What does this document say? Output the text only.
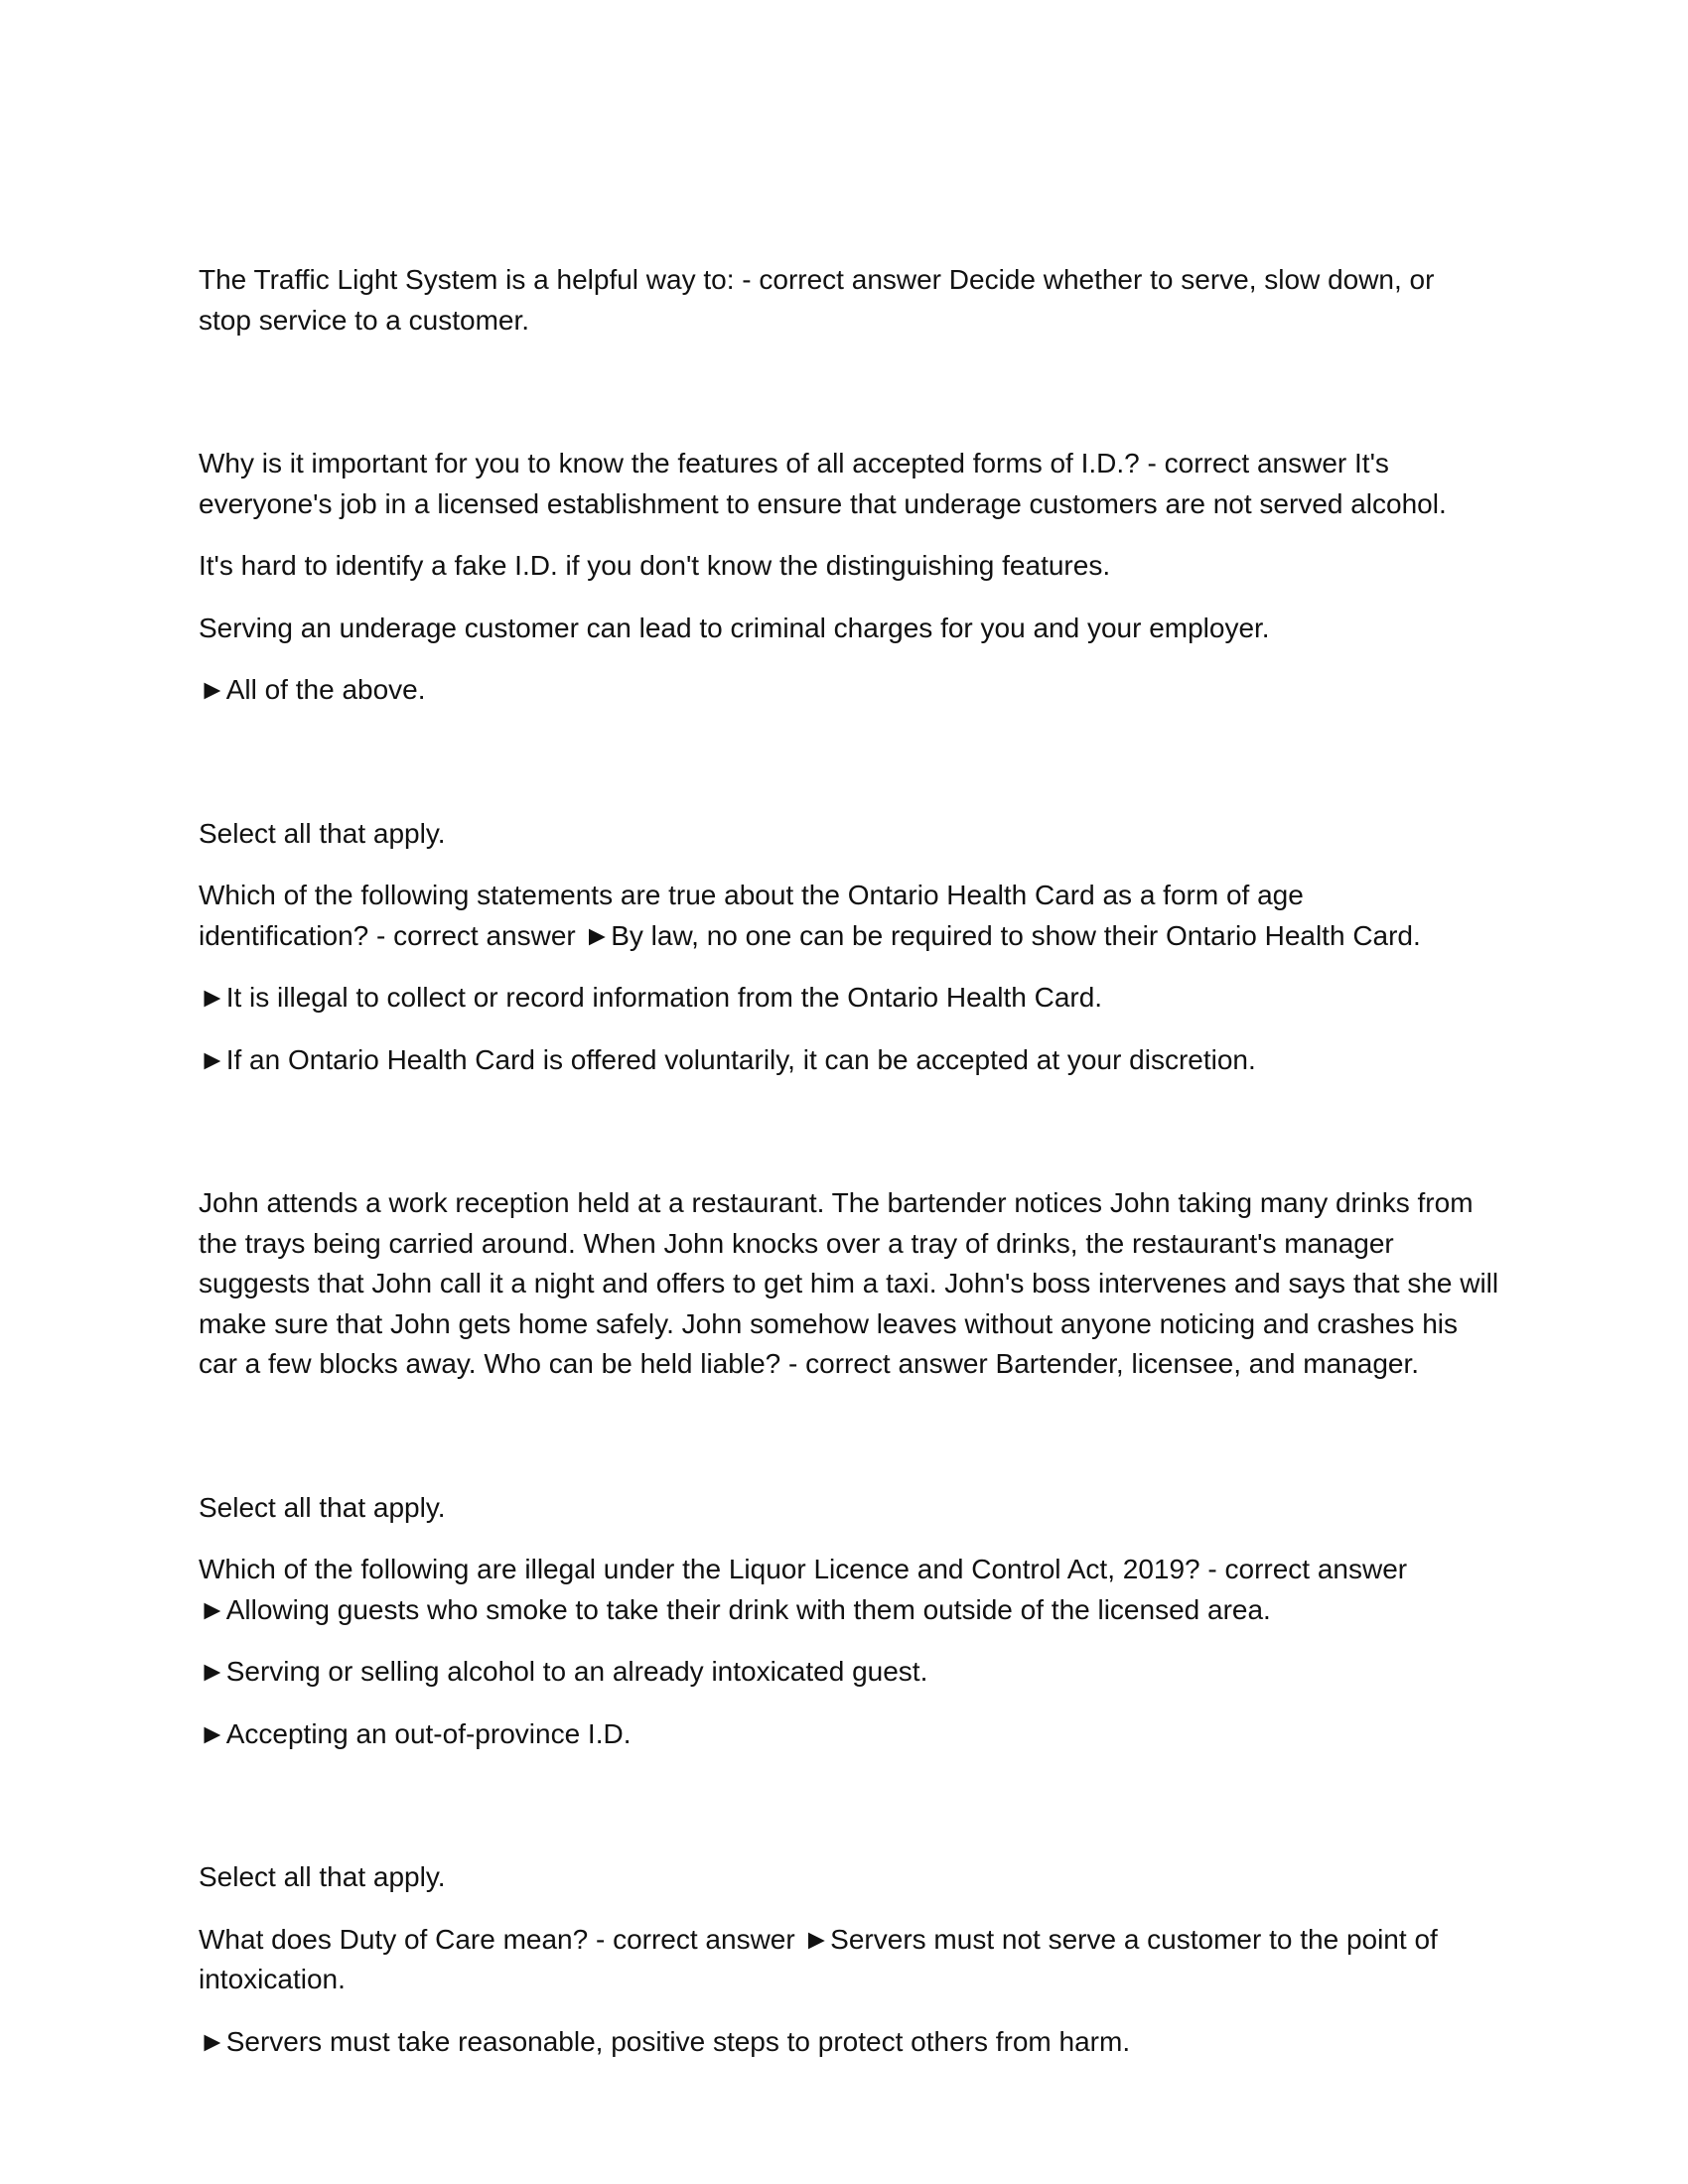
The Traffic Light System is a helpful way to: - correct answer Decide whether to serve, slow down, or

stop service to a customer.

Why is it important for you to know the features of all accepted forms of I.D.? - correct answer It's

everyone's job in a licensed establishment to ensure that underage customers are not served alcohol.

It's hard to identify a fake I.D. if you don't know the distinguishing features.

Serving an underage customer can lead to criminal charges for you and your employer.

►All of the above.

Select all that apply.

Which of the following statements are true about the Ontario Health Card as a form of age

identification? - correct answer ►By law, no one can be required to show their Ontario Health Card.

►It is illegal to collect or record information from the Ontario Health Card.

►If an Ontario Health Card is offered voluntarily, it can be accepted at your discretion.

John attends a work reception held at a restaurant. The bartender notices John taking many drinks from

the trays being carried around. When John knocks over a tray of drinks, the restaurant's manager

suggests that John call it a night and offers to get him a taxi. John's boss intervenes and says that she will

make sure that John gets home safely. John somehow leaves without anyone noticing and crashes his

car a few blocks away. Who can be held liable? - correct answer Bartender, licensee, and manager.

Select all that apply.

Which of the following are illegal under the Liquor Licence and Control Act, 2019? - correct answer

►Allowing guests who smoke to take their drink with them outside of the licensed area.

►Serving or selling alcohol to an already intoxicated guest.

►Accepting an out-of-province I.D.

Select all that apply.

What does Duty of Care mean? - correct answer ►Servers must not serve a customer to the point of

intoxication.

►Servers must take reasonable, positive steps to protect others from harm.
